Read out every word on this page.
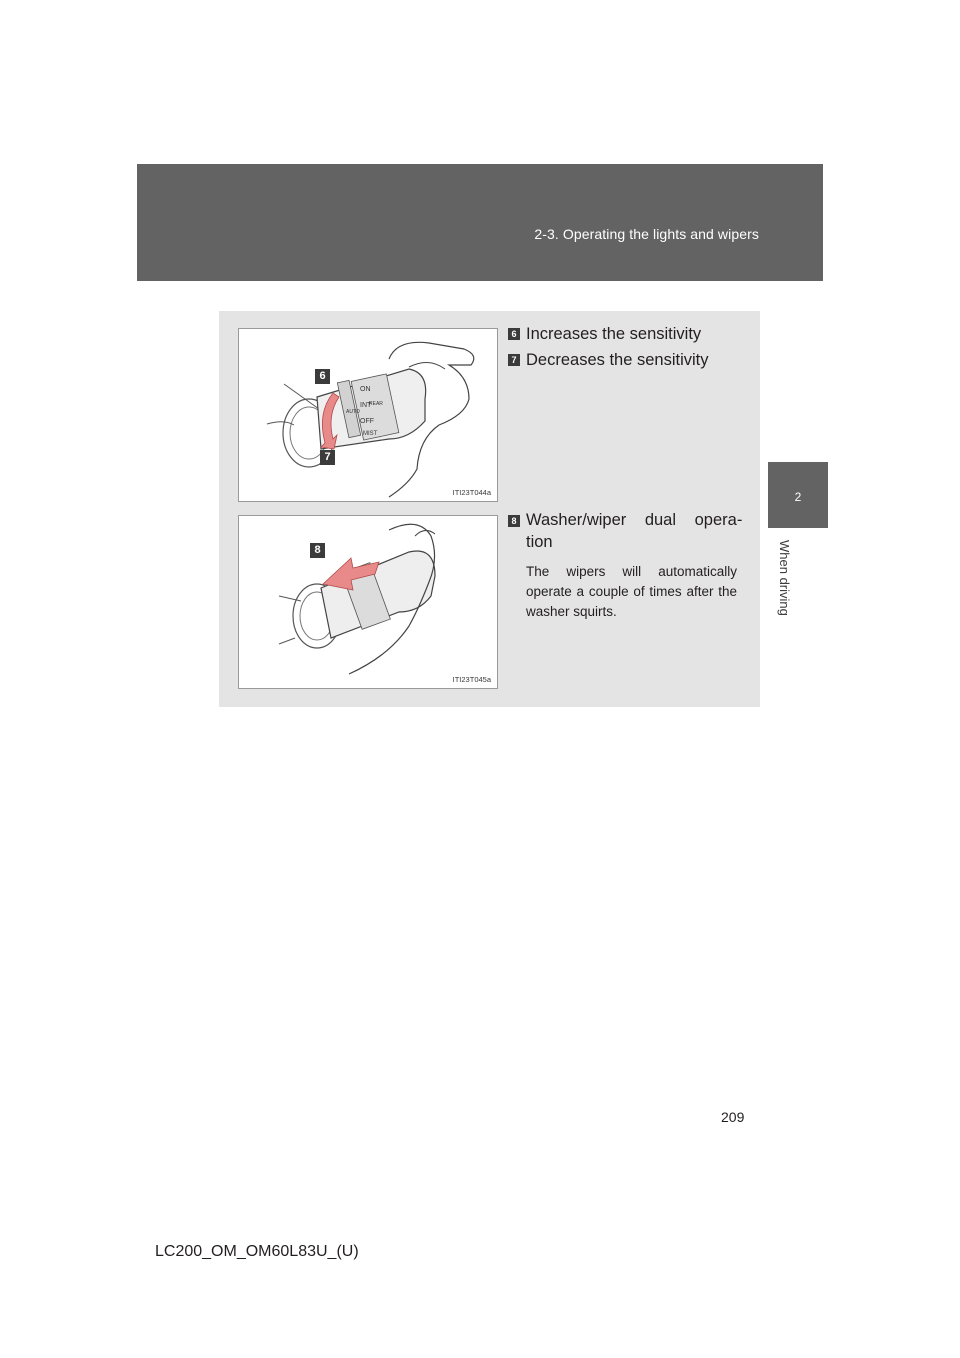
2-3. Operating the lights and wipers
2
When driving
ON
INT
OFF
MIST
REAR
AUTO
6
7
ITI23T044a
8
ITI23T045a
6 Increases the sensitivity
7 Decreases the sensitivity
8 Washer/wiper dual opera-
tion
The wipers will automatically operate a couple of times after the washer squirts.
209
LC200_OM_OM60L83U_(U)
